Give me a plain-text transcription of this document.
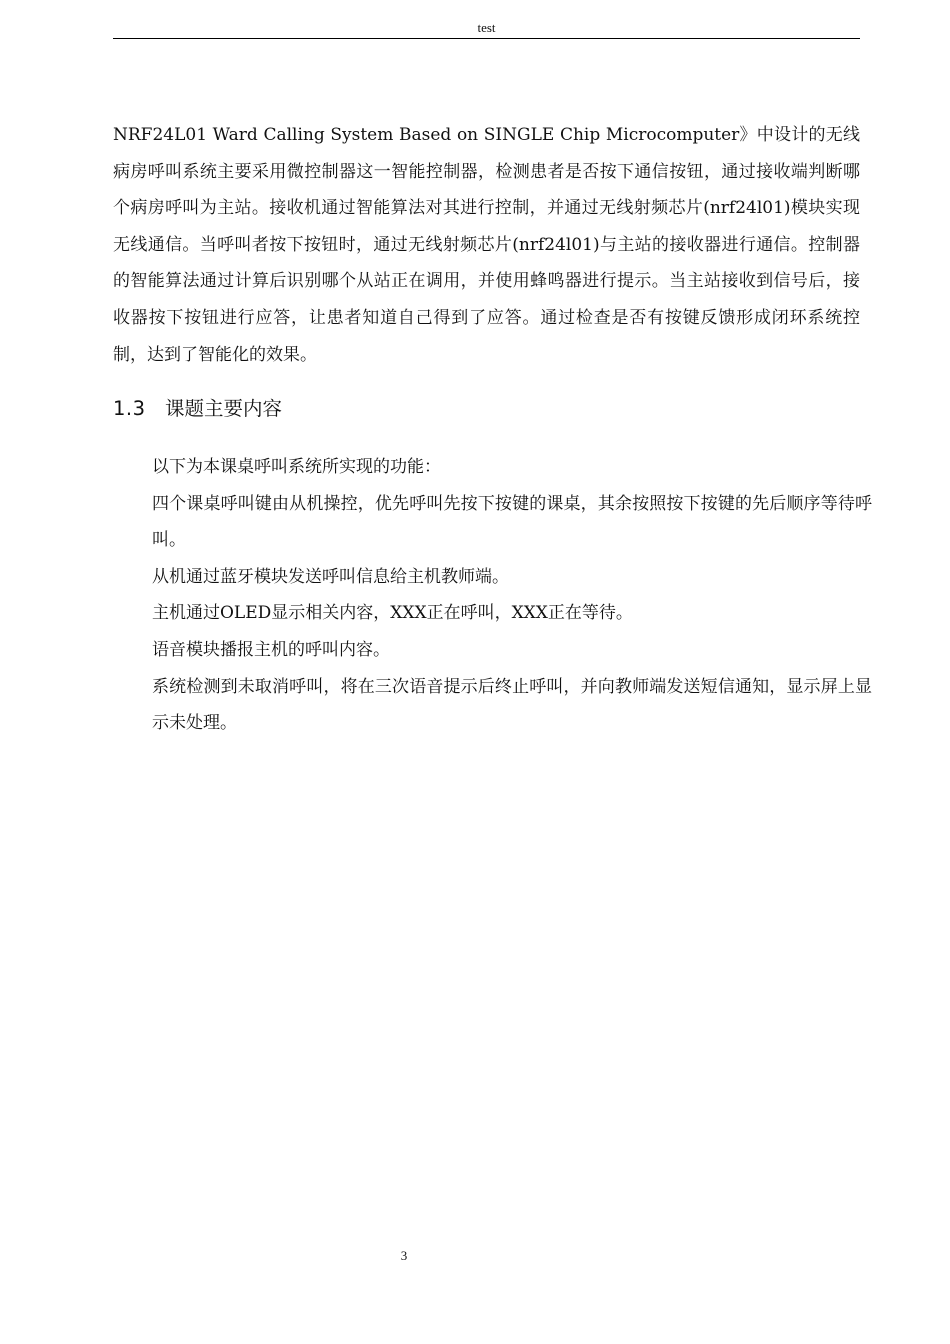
test

NRF24L01 Ward Calling System Based on SINGLE Chip Microcomputer》中设计的无线病房呼叫系统主要采用微控制器这一智能控制器，检测患者是否按下通信按钮，通过接收端判断哪个病房呼叫为主站。接收机通过智能算法对其进行控制，并通过无线射频芯片(nrf24l01)模块实现无线通信。当呼叫者按下按钮时，通过无线射频芯片(nrf24l01)与主站的接收器进行通信。控制器的智能算法通过计算后识别哪个从站正在调用，并使用蜂鸣器进行提示。当主站接收到信号后，接收器按下按钮进行应答，让患者知道自己得到了应答。通过检查是否有按键反馈形成闭环系统控制，达到了智能化的效果。

1.3 课题主要内容

以下为本课桌呼叫系统所实现的功能：

四个课桌呼叫键由从机操控，优先呼叫先按下按键的课桌，其余按照按下按键的先后顺序等待呼叫。

从机通过蓝牙模块发送呼叫信息给主机教师端。

主机通过OLED显示相关内容，XXX正在呼叫，XXX正在等待。

语音模块播报主机的呼叫内容。

系统检测到未取消呼叫，将在三次语音提示后终止呼叫，并向教师端发送短信通知，显示屏上显示未处理。

3
